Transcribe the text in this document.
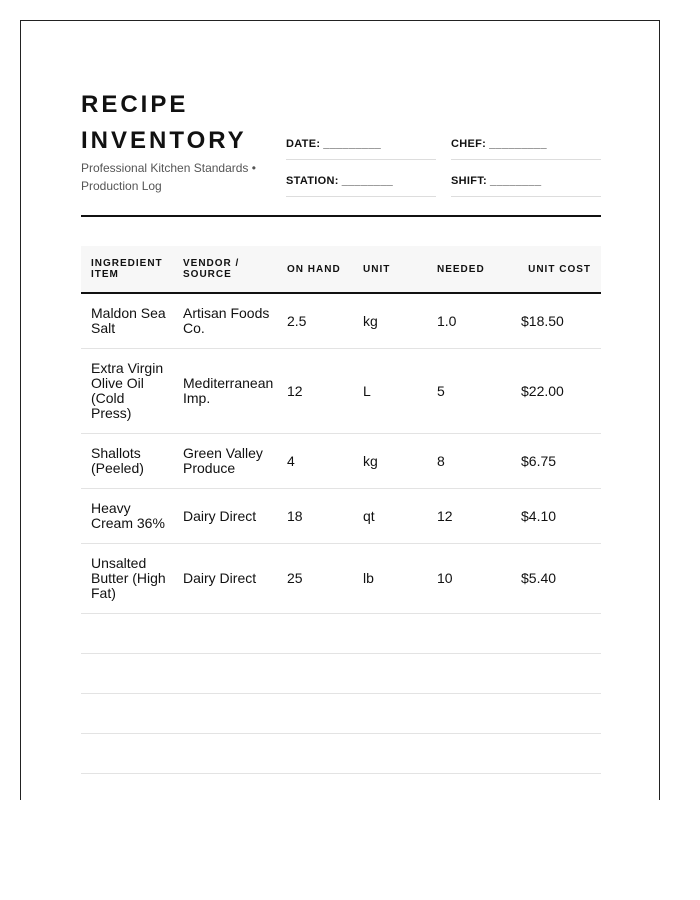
RECIPE INVENTORY
Professional Kitchen Standards • Production Log
DATE: _________	CHEF: _________
STATION: ________	SHIFT: ________
INGREDIENT ITEM	VENDOR / SOURCE	ON HAND	UNIT	NEEDED	UNIT COST
Maldon Sea Salt	Artisan Foods Co.	2.5	kg	1.0	$18.50
Extra Virgin Olive Oil (Cold Press)	Mediterranean Imp.	12	L	5	$22.00
Shallots (Peeled)	Green Valley Produce	4	kg	8	$6.75
Heavy Cream 36%	Dairy Direct	18	qt	12	$4.10
Unsalted Butter (High Fat)	Dairy Direct	25	lb	10	$5.40
